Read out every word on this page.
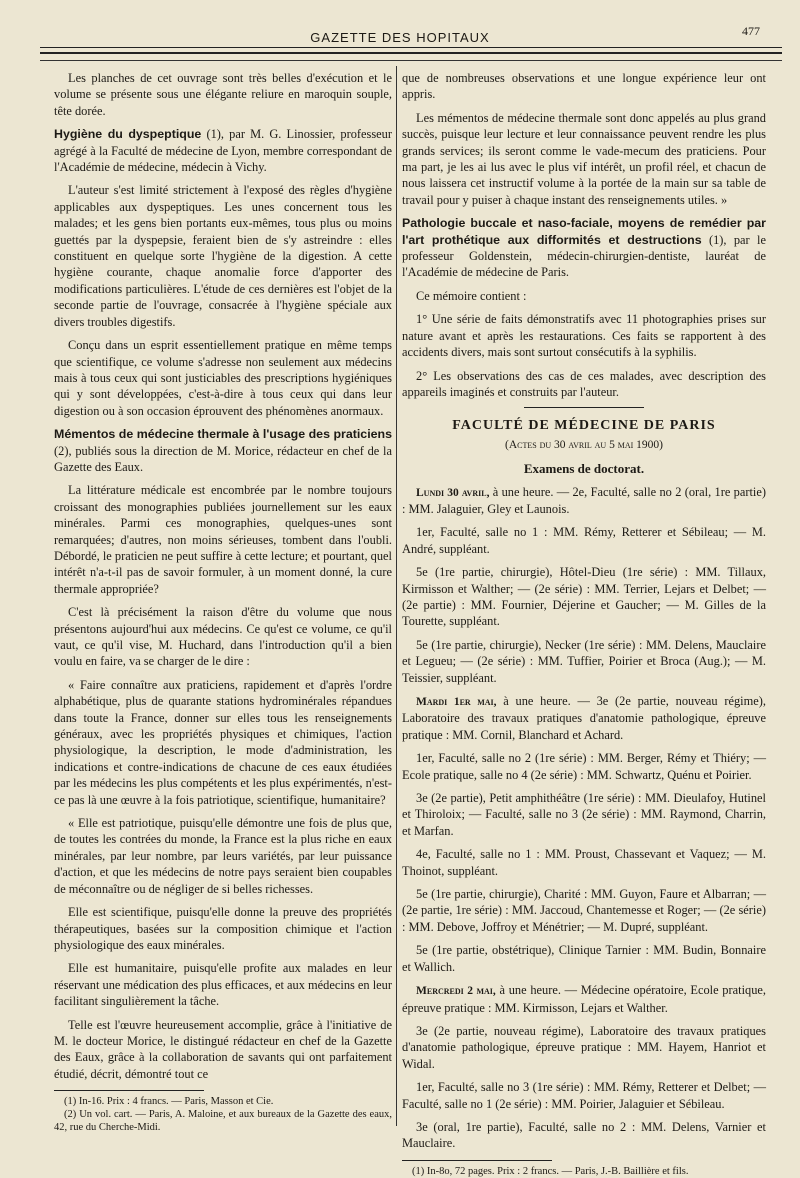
GAZETTE DES HOPITAUX	477

Les planches de cet ouvrage sont très belles d'exécution et le volume se présente sous une élégante reliure en maroquin souple, tête dorée.

Hygiène du dyspeptique (1), par M. G. Linossier, professeur agrégé à la Faculté de médecine de Lyon, membre correspondant de l'Académie de médecine, médecin à Vichy.

L'auteur s'est limité strictement à l'exposé des règles d'hygiène applicables aux dyspeptiques. Les unes concernent tous les malades; et les gens bien portants eux-mêmes, tous plus ou moins guettés par la dyspepsie, feraient bien de s'y astreindre : elles constituent en quelque sorte l'hygiène de la digestion. A cette hygiène courante, chaque anomalie force d'apporter des modifications particulières. L'étude de ces dernières est l'objet de la seconde partie de l'ouvrage, consacrée à l'hygiène spéciale aux divers troubles digestifs.

Conçu dans un esprit essentiellement pratique en même temps que scientifique, ce volume s'adresse non seulement aux médecins mais à tous ceux qui sont justiciables des prescriptions hygiéniques qui y sont développées, c'est-à-dire à tous ceux qui dans leur digestion ou à son occasion éprouvent des phénomènes anormaux.

Mémentos de médecine thermale à l'usage des praticiens (2), publiés sous la direction de M. Morice, rédacteur en chef de la Gazette des Eaux.

La littérature médicale est encombrée par le nombre toujours croissant des monographies publiées journellement sur les eaux minérales. Parmi ces monographies, quelques-unes sont remarquées; d'autres, non moins sérieuses, tombent dans l'oubli. Débordé, le praticien ne peut suffire à cette lecture; et pourtant, quel intérêt n'a-t-il pas de savoir formuler, à un moment donné, la cure thermale appropriée?

C'est là précisément la raison d'être du volume que nous présentons aujourd'hui aux médecins. Ce qu'est ce volume, ce qu'il vaut, ce qu'il vise, M. Huchard, dans l'introduction qu'il a bien voulu en faire, va se charger de le dire :

« Faire connaître aux praticiens, rapidement et d'après l'ordre alphabétique, plus de quarante stations hydrominérales répandues dans toute la France, donner sur elles tous les renseignements généraux, avec les propriétés physiques et chimiques, l'action physiologique, la description, le mode d'administration, les indications et contre-indications de chacune de ces eaux étudiées par les médecins les plus compétents et les plus expérimentés, n'est-ce pas là une œuvre à la fois patriotique, scientifique, humanitaire?

« Elle est patriotique, puisqu'elle démontre une fois de plus que, de toutes les contrées du monde, la France est la plus riche en eaux minérales, par leur nombre, par leurs variétés, par leur puissance d'action, et que les médecins de notre pays seraient bien coupables de méconnaître ou de négliger de si belles richesses.

Elle est scientifique, puisqu'elle donne la preuve des propriétés thérapeutiques, basées sur la composition chimique et l'action physiologique des eaux minérales.

Elle est humanitaire, puisqu'elle profite aux malades en leur réservant une médication des plus efficaces, et aux médecins en leur facilitant singulièrement la tâche.

Telle est l'œuvre heureusement accomplie, grâce à l'initiative de M. le docteur Morice, le distingué rédacteur en chef de la Gazette des Eaux, grâce à la collaboration de savants qui ont parfaitement étudié, décrit, démontré tout ce

(1) In-16. Prix : 4 francs. — Paris, Masson et Cie.

(2) Un vol. cart. — Paris, A. Maloine, et aux bureaux de la Gazette des eaux, 42, rue du Cherche-Midi.

que de nombreuses observations et une longue expérience leur ont appris.

Les mémentos de médecine thermale sont donc appelés au plus grand succès, puisque leur lecture et leur connaissance peuvent rendre les plus grands services; ils seront comme le vade-mecum des praticiens. Pour ma part, je les ai lus avec le plus vif intérêt, un profil réel, et chacun de nous laissera cet instructif volume à la portée de la main sur sa table de travail pour y puiser à chaque instant des renseignements utiles. »

Pathologie buccale et naso-faciale, moyens de remédier par l'art prothétique aux difformités et destructions (1), par le professeur Goldenstein, médecin-chirurgien-dentiste, lauréat de l'Académie de médecine de Paris.

Ce mémoire contient :

1° Une série de faits démonstratifs avec 11 photographies prises sur nature avant et après les restaurations. Ces faits se rapportent à des accidents divers, mais sont surtout consécutifs à la syphilis.

2° Les observations des cas de ces malades, avec description des appareils imaginés et construits par l'auteur.

FACULTÉ DE MÉDECINE DE PARIS
(Actes du 30 avril au 5 mai 1900)
Examens de doctorat.

Lundi 30 avril, à une heure. — 2e, Faculté, salle no 2 (oral, 1re partie) : MM. Jalaguier, Gley et Launois.

1er, Faculté, salle no 1 : MM. Rémy, Retterer et Sébileau; — M. André, suppléant.

5e (1re partie, chirurgie), Hôtel-Dieu (1re série) : MM. Tillaux, Kirmisson et Walther; — (2e série) : MM. Terrier, Lejars et Delbet; — (2e partie) : MM. Fournier, Déjerine et Gaucher; — M. Gilles de la Tourette, suppléant.

5e (1re partie, chirurgie), Necker (1re série) : MM. Delens, Mauclaire et Legueu; — (2e série) : MM. Tuffier, Poirier et Broca (Aug.); — M. Teissier, suppléant.

Mardi 1er mai, à une heure. — 3e (2e partie, nouveau régime), Laboratoire des travaux pratiques d'anatomie pathologique, épreuve pratique : MM. Cornil, Blanchard et Achard.

1er, Faculté, salle no 2 (1re série) : MM. Berger, Rémy et Thiéry; — Ecole pratique, salle no 4 (2e série) : MM. Schwartz, Quénu et Poirier.

3e (2e partie), Petit amphithéâtre (1re série) : MM. Dieulafoy, Hutinel et Thiroloix; — Faculté, salle no 3 (2e série) : MM. Raymond, Charrin, et Marfan.

4e, Faculté, salle no 1 : MM. Proust, Chassevant et Vaquez; — M. Thoinot, suppléant.

5e (1re partie, chirurgie), Charité : MM. Guyon, Faure et Albarran; — (2e partie, 1re série) : MM. Jaccoud, Chantemesse et Roger; — (2e série) : MM. Debove, Joffroy et Ménétrier; — M. Dupré, suppléant.

5e (1re partie, obstétrique), Clinique Tarnier : MM. Budin, Bonnaire et Wallich.

Mercredi 2 mai, à une heure. — Médecine opératoire, Ecole pratique, épreuve pratique : MM. Kirmisson, Lejars et Walther.

3e (2e partie, nouveau régime), Laboratoire des travaux pratiques d'anatomie pathologique, épreuve pratique : MM. Hayem, Hanriot et Widal.

1er, Faculté, salle no 3 (1re série) : MM. Rémy, Retterer et Delbet; — Faculté, salle no 1 (2e série) : MM. Poirier, Jalaguier et Sébileau.

3e (oral, 1re partie), Faculté, salle no 2 : MM. Delens, Varnier et Mauclaire.

(1) In-8o, 72 pages. Prix : 2 francs. — Paris, J.-B. Baillière et fils.
